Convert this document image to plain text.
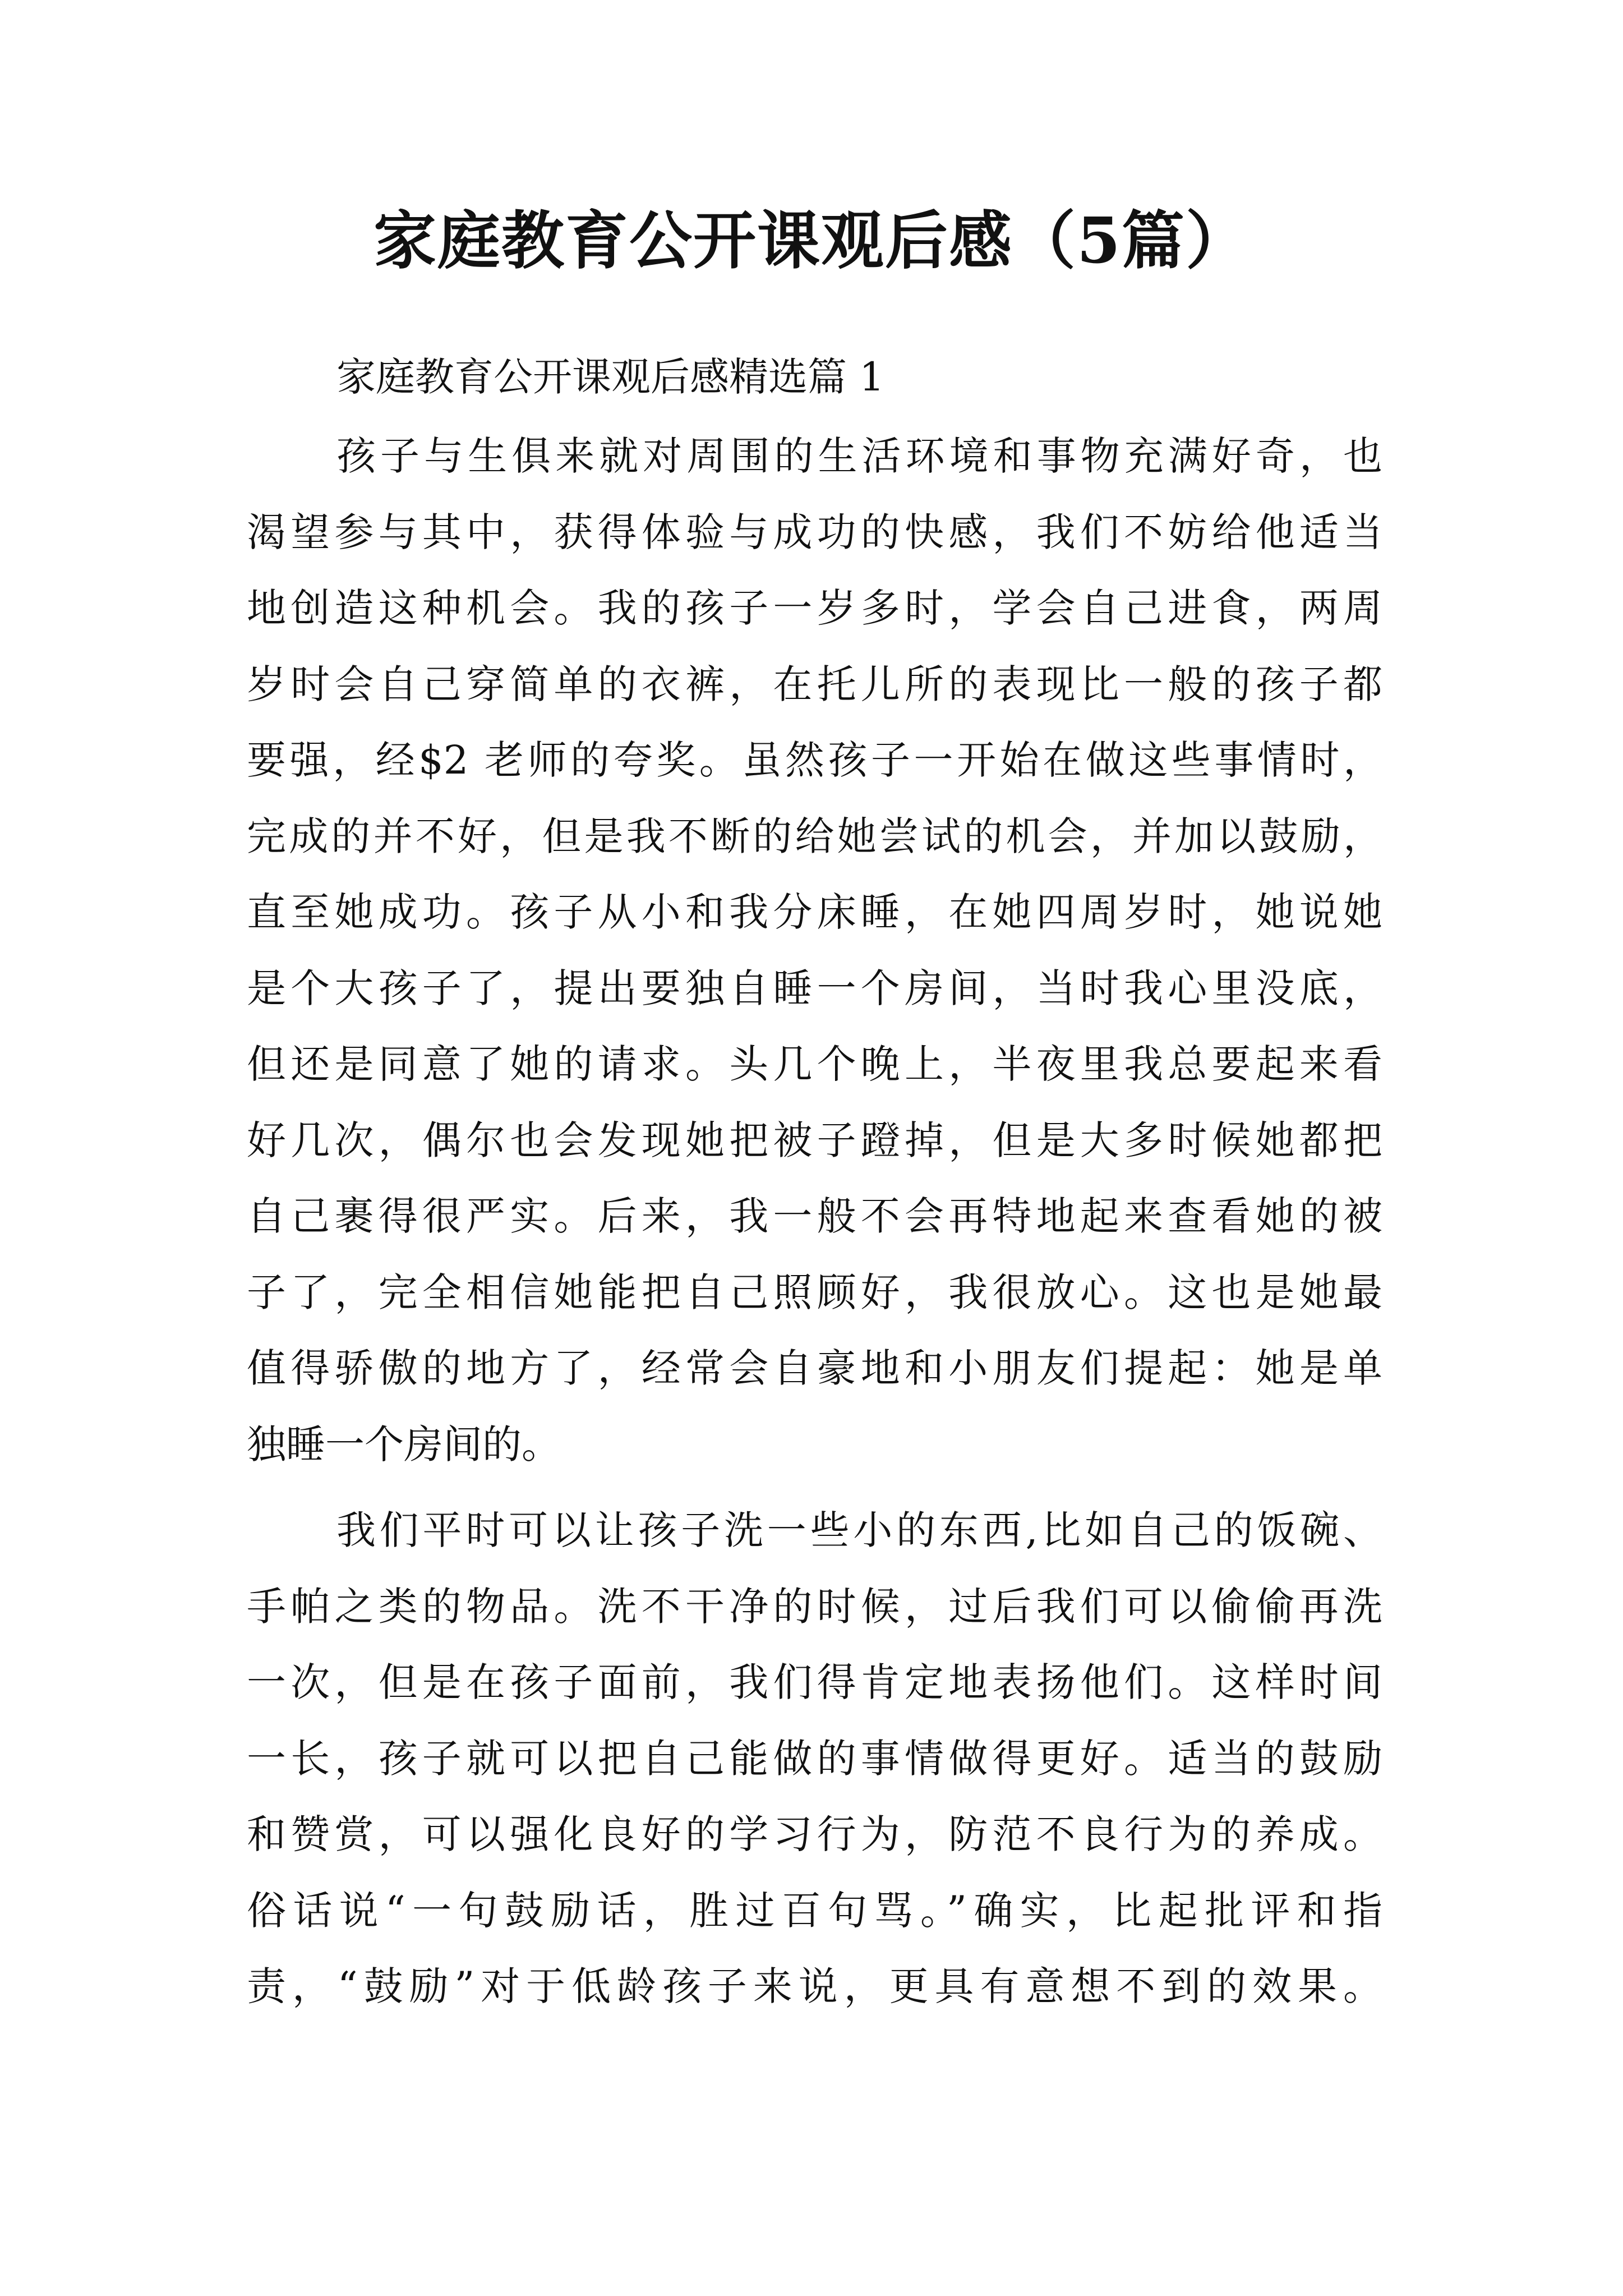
家庭教育公开课观后感（5篇）
家庭教育公开课观后感精选篇 1
孩子与生俱来就对周围的生活环境和事物充满好奇，也
渴望参与其中，获得体验与成功的快感，我们不妨给他适当
地创造这种机会。我的孩子一岁多时，学会自己进食，两周
岁时会自己穿简单的衣裤，在托儿所的表现比一般的孩子都
要强，经$2 老师的夸奖。虽然孩子一开始在做这些事情时，
完成的并不好，但是我不断的给她尝试的机会，并加以鼓励，
直至她成功。孩子从小和我分床睡，在她四周岁时，她说她
是个大孩子了，提出要独自睡一个房间，当时我心里没底，
但还是同意了她的请求。头几个晚上，半夜里我总要起来看
好几次，偶尔也会发现她把被子蹬掉，但是大多时候她都把
自己裹得很严实。后来，我一般不会再特地起来查看她的被
子了，完全相信她能把自己照顾好，我很放心。这也是她最
值得骄傲的地方了，经常会自豪地和小朋友们提起：她是单
独睡一个房间的。
我们平时可以让孩子洗一些小的东西,比如自己的饭碗、
手帕之类的物品。洗不干净的时候，过后我们可以偷偷再洗
一次，但是在孩子面前，我们得肯定地表扬他们。这样时间
一长，孩子就可以把自己能做的事情做得更好。适当的鼓励
和赞赏，可以强化良好的学习行为，防范不良行为的养成。
俗话说“一句鼓励话，胜过百句骂。”确实，比起批评和指
责，“鼓励”对于低龄孩子来说，更具有意想不到的效果。
